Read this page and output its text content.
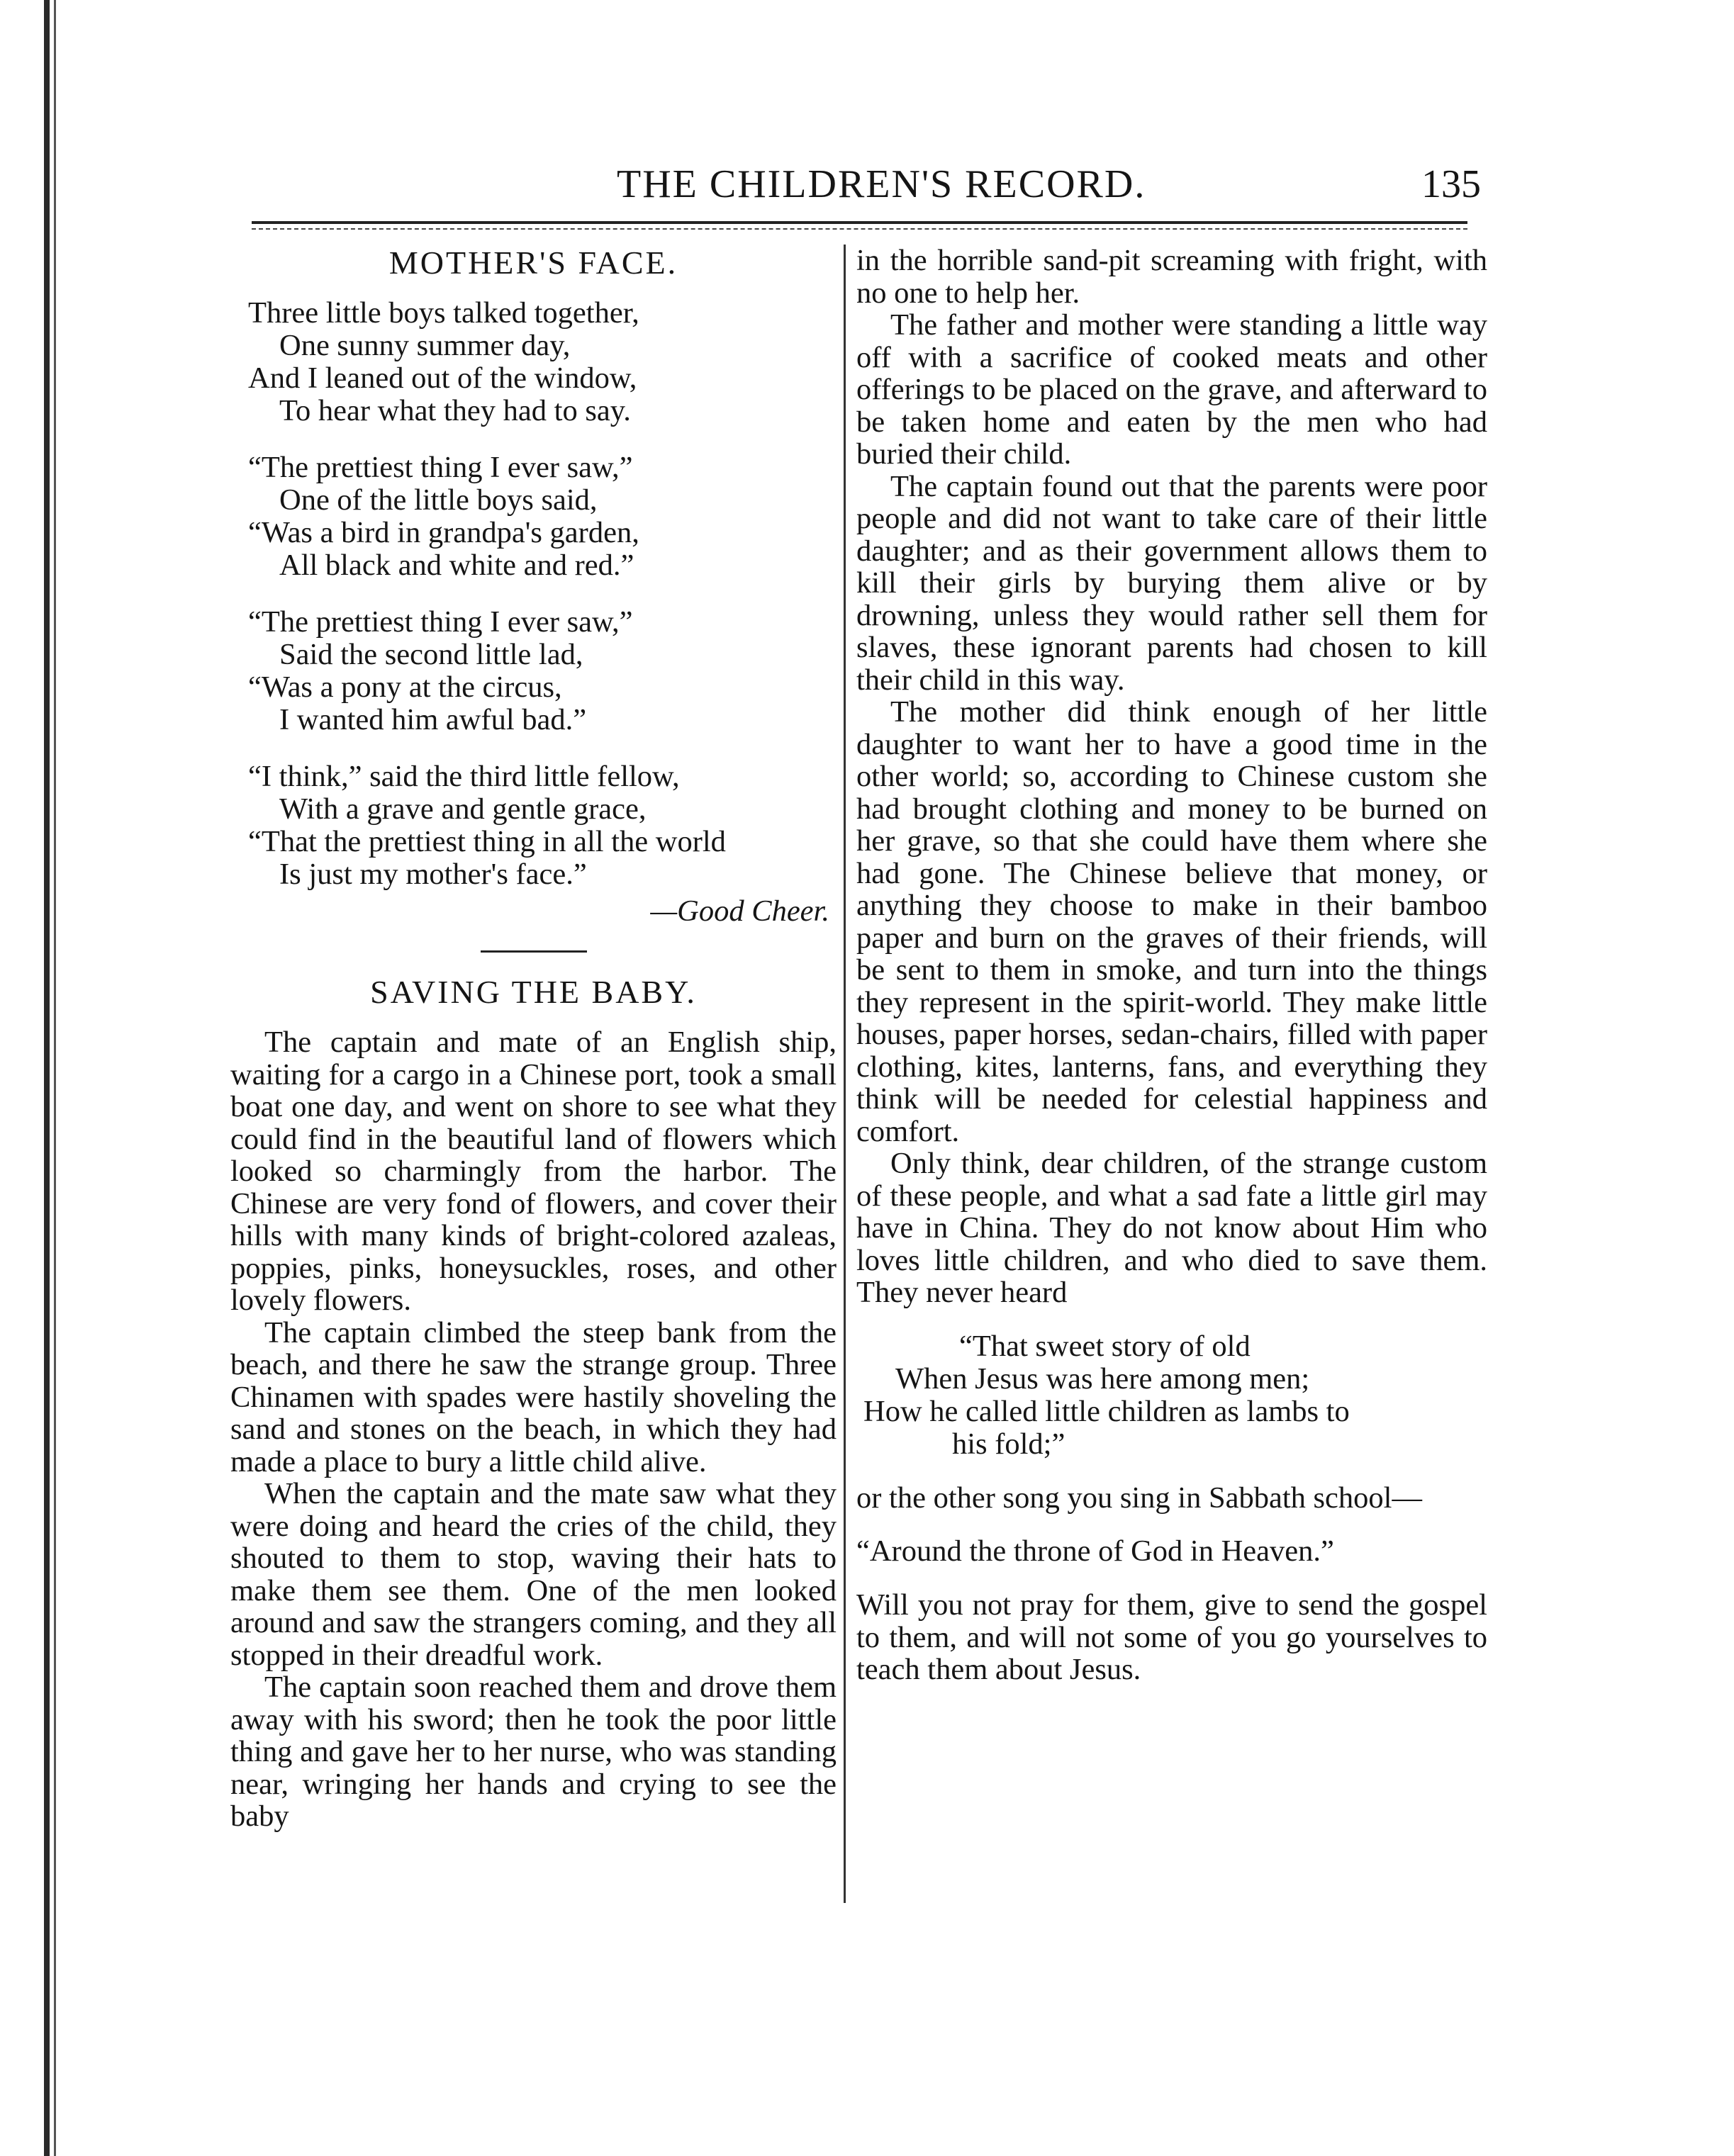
THE CHILDREN'S RECORD.	135
MOTHER'S FACE.
Three little boys talked together,
One sunny summer day,
And I leaned out of the window,
To hear what they had to say.
“The prettiest thing I ever saw,”
One of the little boys said,
“Was a bird in grandpa's garden,
All black and white and red.”
“The prettiest thing I ever saw,”
Said the second little lad,
“Was a pony at the circus,
I wanted him awful bad.”
“I think,” said the third little fellow,
With a grave and gentle grace,
“That the prettiest thing in all the world
Is just my mother's face.”
—Good Cheer.
SAVING THE BABY.

The captain and mate of an English ship, waiting for a cargo in a Chinese port, took a small boat one day, and went on shore to see what they could find in the beautiful land of flowers which looked so charmingly from the harbor. The Chinese are very fond of flowers, and cover their hills with many kinds of bright-colored azaleas, poppies, pinks, honeysuckles, roses, and other lovely flowers.

The captain climbed the steep bank from the beach, and there he saw the strange group. Three Chinamen with spades were hastily shoveling the sand and stones on the beach, in which they had made a place to bury a little child alive.

When the captain and the mate saw what they were doing and heard the cries of the child, they shouted to them to stop, waving their hats to make them see them. One of the men looked around and saw the strangers coming, and they all stopped in their dreadful work.

The captain soon reached them and drove them away with his sword; then he took the poor little thing and gave her to her nurse, who was standing near, wringing her hands and crying to see the baby

in the horrible sand-pit screaming with fright, with no one to help her.

The father and mother were standing a little way off with a sacrifice of cooked meats and other offerings to be placed on the grave, and afterward to be taken home and eaten by the men who had buried their child.

The captain found out that the parents were poor people and did not want to take care of their little daughter; and as their government allows them to kill their girls by burying them alive or by drowning, unless they would rather sell them for slaves, these ignorant parents had chosen to kill their child in this way.

The mother did think enough of her little daughter to want her to have a good time in the other world; so, according to Chinese custom she had brought clothing and money to be burned on her grave, so that she could have them where she had gone. The Chinese believe that money, or anything they choose to make in their bamboo paper and burn on the graves of their friends, will be sent to them in smoke, and turn into the things they represent in the spirit-world. They make little houses, paper horses, sedan-chairs, filled with paper clothing, kites, lanterns, fans, and everything they think will be needed for celestial happiness and comfort.

Only think, dear children, of the strange custom of these people, and what a sad fate a little girl may have in China. They do not know about Him who loves little children, and who died to save them. They never heard

“That sweet story of old
When Jesus was here among men;
How he called little children as lambs to
his fold;”

or the other song you sing in Sabbath school—

“Around the throne of God in Heaven.”

Will you not pray for them, give to send the gospel to them, and will not some of you go yourselves to teach them about Jesus.
